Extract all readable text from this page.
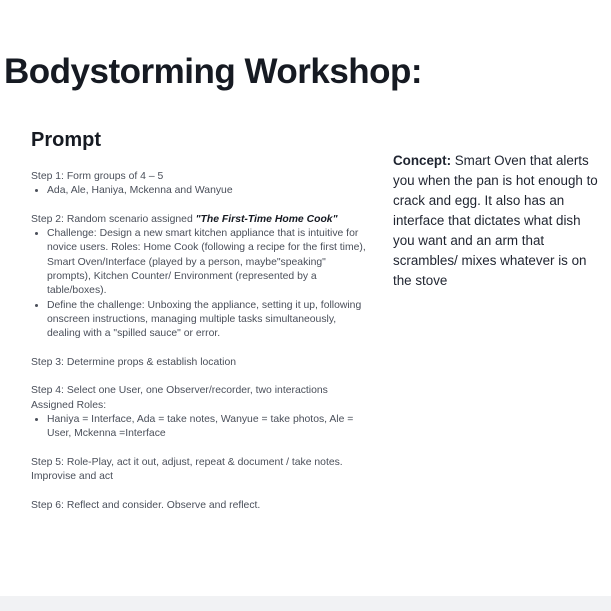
Bodystorming Workshop:
Prompt

Step 1: Form groups of 4 – 5

• Ada, Ale, Haniya, Mckenna and Wanyue

Step 2: Random scenario assigned "The First-Time Home Cook"

• Challenge: Design a new smart kitchen appliance that is intuitive for novice users. Roles: Home Cook (following a recipe for the first time), Smart Oven/Interface (played by a person, maybe"speaking" prompts), Kitchen Counter/ Environment (represented by a table/boxes).
• Define the challenge: Unboxing the appliance, setting it up, following onscreen instructions, managing multiple tasks simultaneously, dealing with a "spilled sauce" or error.

Step 3: Determine props & establish location

Step 4: Select one User, one Observer/recorder, two interactions

Assigned Roles:

• Haniya = Interface, Ada = take notes, Wanyue = take photos, Ale = User, Mckenna =Interface

Step 5: Role-Play, act it out, adjust, repeat & document / take notes.

Improvise and act

Step 6: Reflect and consider. Observe and reflect.

Concept: Smart Oven that alerts you when the pan is hot enough to crack and egg. It also has an interface that dictates what dish you want and an arm that scrambles/ mixes whatever is on the stove
